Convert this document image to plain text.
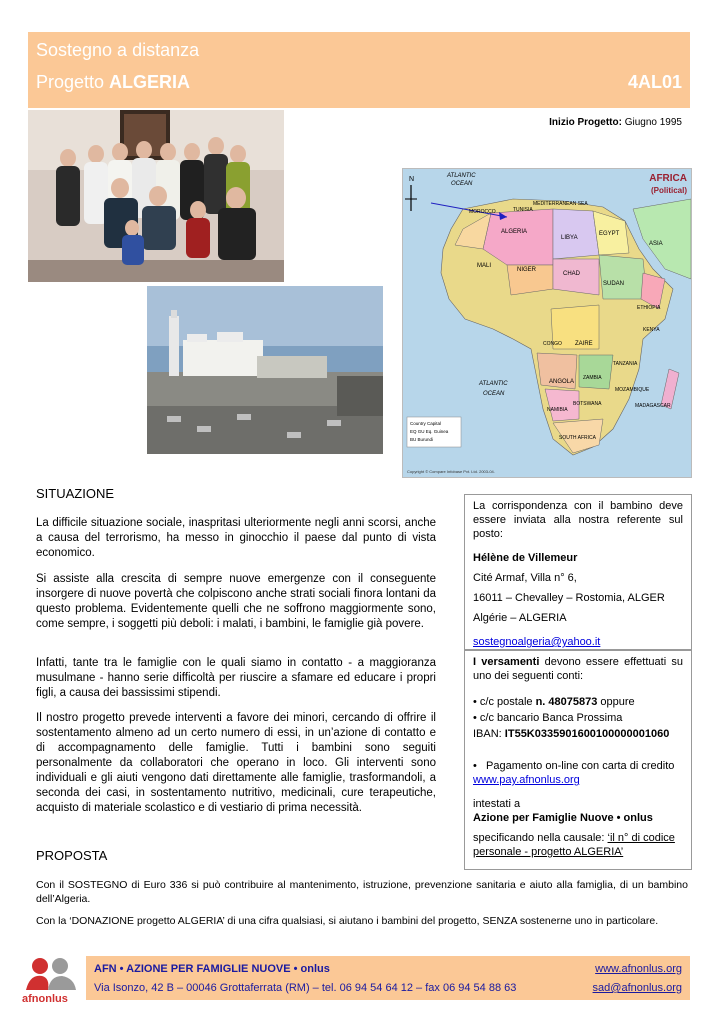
Sostegno a distanza
Progetto ALGERIA	4AL01
Inizio Progetto: Giugno 1995
N	AFRICA
(Political)
ATLANTIC
OCEAN
MEDITERRANEAN SEA
MOROCCO	TUNISIA
ALGERIA
LIBYA
EGYPT
ASIA
MALI
NIGER
CHAD
SUDAN
ETHIOPIA
KENYA
CONGO ZAIRE
ANGOLA
ZAMBIA
TANZANIA
MOZAMBIQUE
NAMIBIA
BOTSWANA
SOUTH AFRICA
MADAGASCAR
ATLANTIC
OCEAN
Country Capital
EQ GU Eq. Guinea
BU Burundi
Copyright © Compare Infobase Pvt. Ltd. 2003-04.
SITUAZIONE
La difficile situazione sociale, inaspritasi ulteriormente negli anni scorsi, anche a causa del terrorismo, ha messo in ginocchio il paese dal punto di vista economico.
Si assiste alla crescita di sempre nuove emergenze con il conseguente insorgere di nuove povertà che colpiscono anche strati sociali finora lontani da questo problema. Evidentemente quelli che ne soffrono maggiormente sono, come sempre, i soggetti più deboli: i malati, i bambini, le famiglie già povere.
Infatti, tante tra le famiglie con le quali siamo in contatto - a maggioranza musulmane - hanno serie difficoltà per riuscire a sfamare ed educare i propri figli, a causa dei bassissimi stipendi.
Il nostro progetto prevede interventi a favore dei minori, cercando di offrire il sostentamento almeno ad un certo numero di essi, in un’azione di contatto e di accompagnamento delle famiglie. Tutti i bambini sono seguiti personalmente da collaboratori che operano in loco. Gli interventi sono individuali e gli aiuti vengono dati direttamente alle famiglie, trasformandoli, a seconda dei casi, in sostentamento nutritivo, medicinali, cure terapeutiche, acquisto di materiale scolastico e di vestiario di prima necessità.
PROPOSTA
Con il SOSTEGNO di Euro 336 si può contribuire al mantenimento, istruzione, prevenzione sanitaria e aiuto alla famiglia, di un bambino dell’Algeria.
Con la ‘DONAZIONE progetto ALGERIA’ di una cifra qualsiasi, si aiutano i bambini del progetto, SENZA sostenerne uno in particolare.

La corrispondenza con il bambino deve essere inviata alla nostra referente sul posto:

Hélène de Villemeur

Cité Armaf, Villa n° 6,

16011 – Chevalley – Rostomia, ALGER

Algérie – ALGERIA

sostegnoalgeria@yahoo.it

I versamenti devono essere effettuati su uno dei seguenti conti:

• c/c postale n. 48075873 oppure

• c/c bancario Banca Prossima

IBAN: IT55K0335901600100000001060

•   Pagamento on-line con carta di credito

www.pay.afnonlus.org

intestati a

Azione per Famiglie Nuove • onlus

specificando nella causale: ‘il n° di codice personale - progetto ALGERIA’

afnonlus
AFN • AZIONE PER FAMIGLIE NUOVE • onlus
Via Isonzo, 42 B – 00046 Grottaferrata (RM) – tel. 06 94 54 64 12 – fax 06 94 54 88 63
www.afnonlus.org
sad@afnonlus.org
